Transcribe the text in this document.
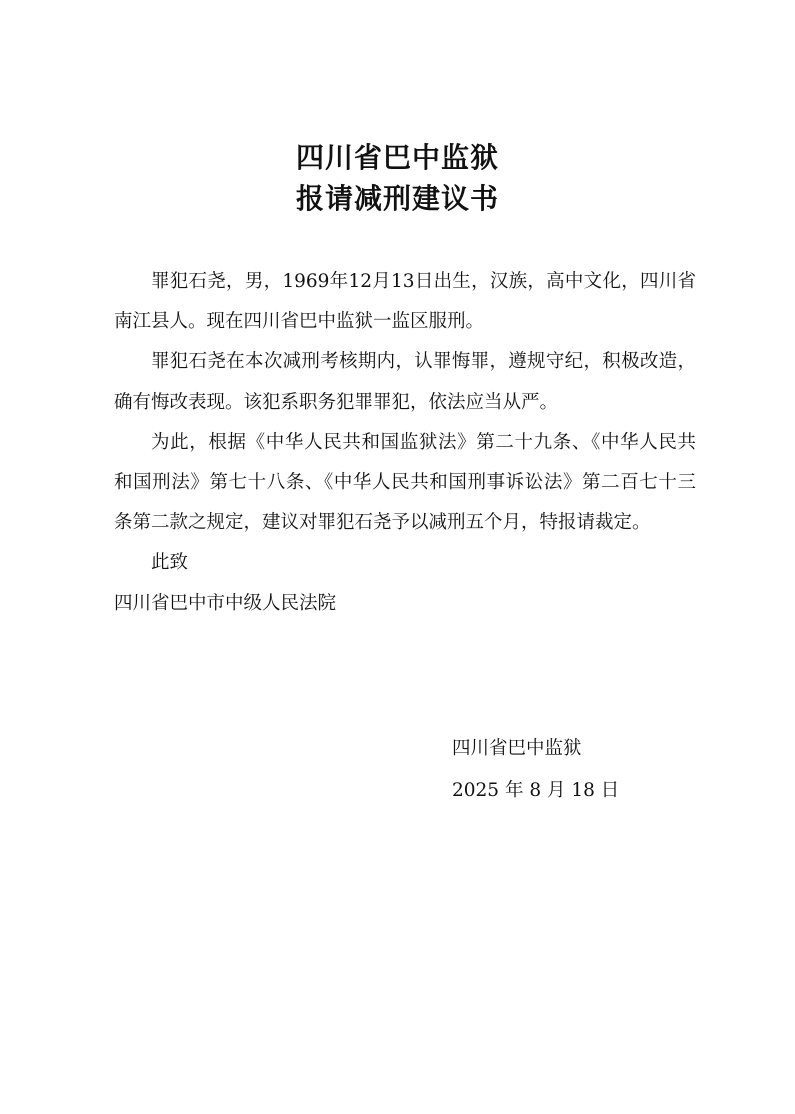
四川省巴中监狱
报请减刑建议书

罪犯石尧，男，1969年12月13日出生，汉族，高中文化，四川省南江县人。现在四川省巴中监狱一监区服刑。

罪犯石尧在本次减刑考核期内，认罪悔罪，遵规守纪，积极改造，确有悔改表现。该犯系职务犯罪罪犯，依法应当从严。

为此，根据《中华人民共和国监狱法》第二十九条、《中华人民共和国刑法》第七十八条、《中华人民共和国刑事诉讼法》第二百七十三条第二款之规定，建议对罪犯石尧予以减刑五个月，特报请裁定。

此致

四川省巴中市中级人民法院
四川省巴中监狱
2025 年 8 月 18 日
